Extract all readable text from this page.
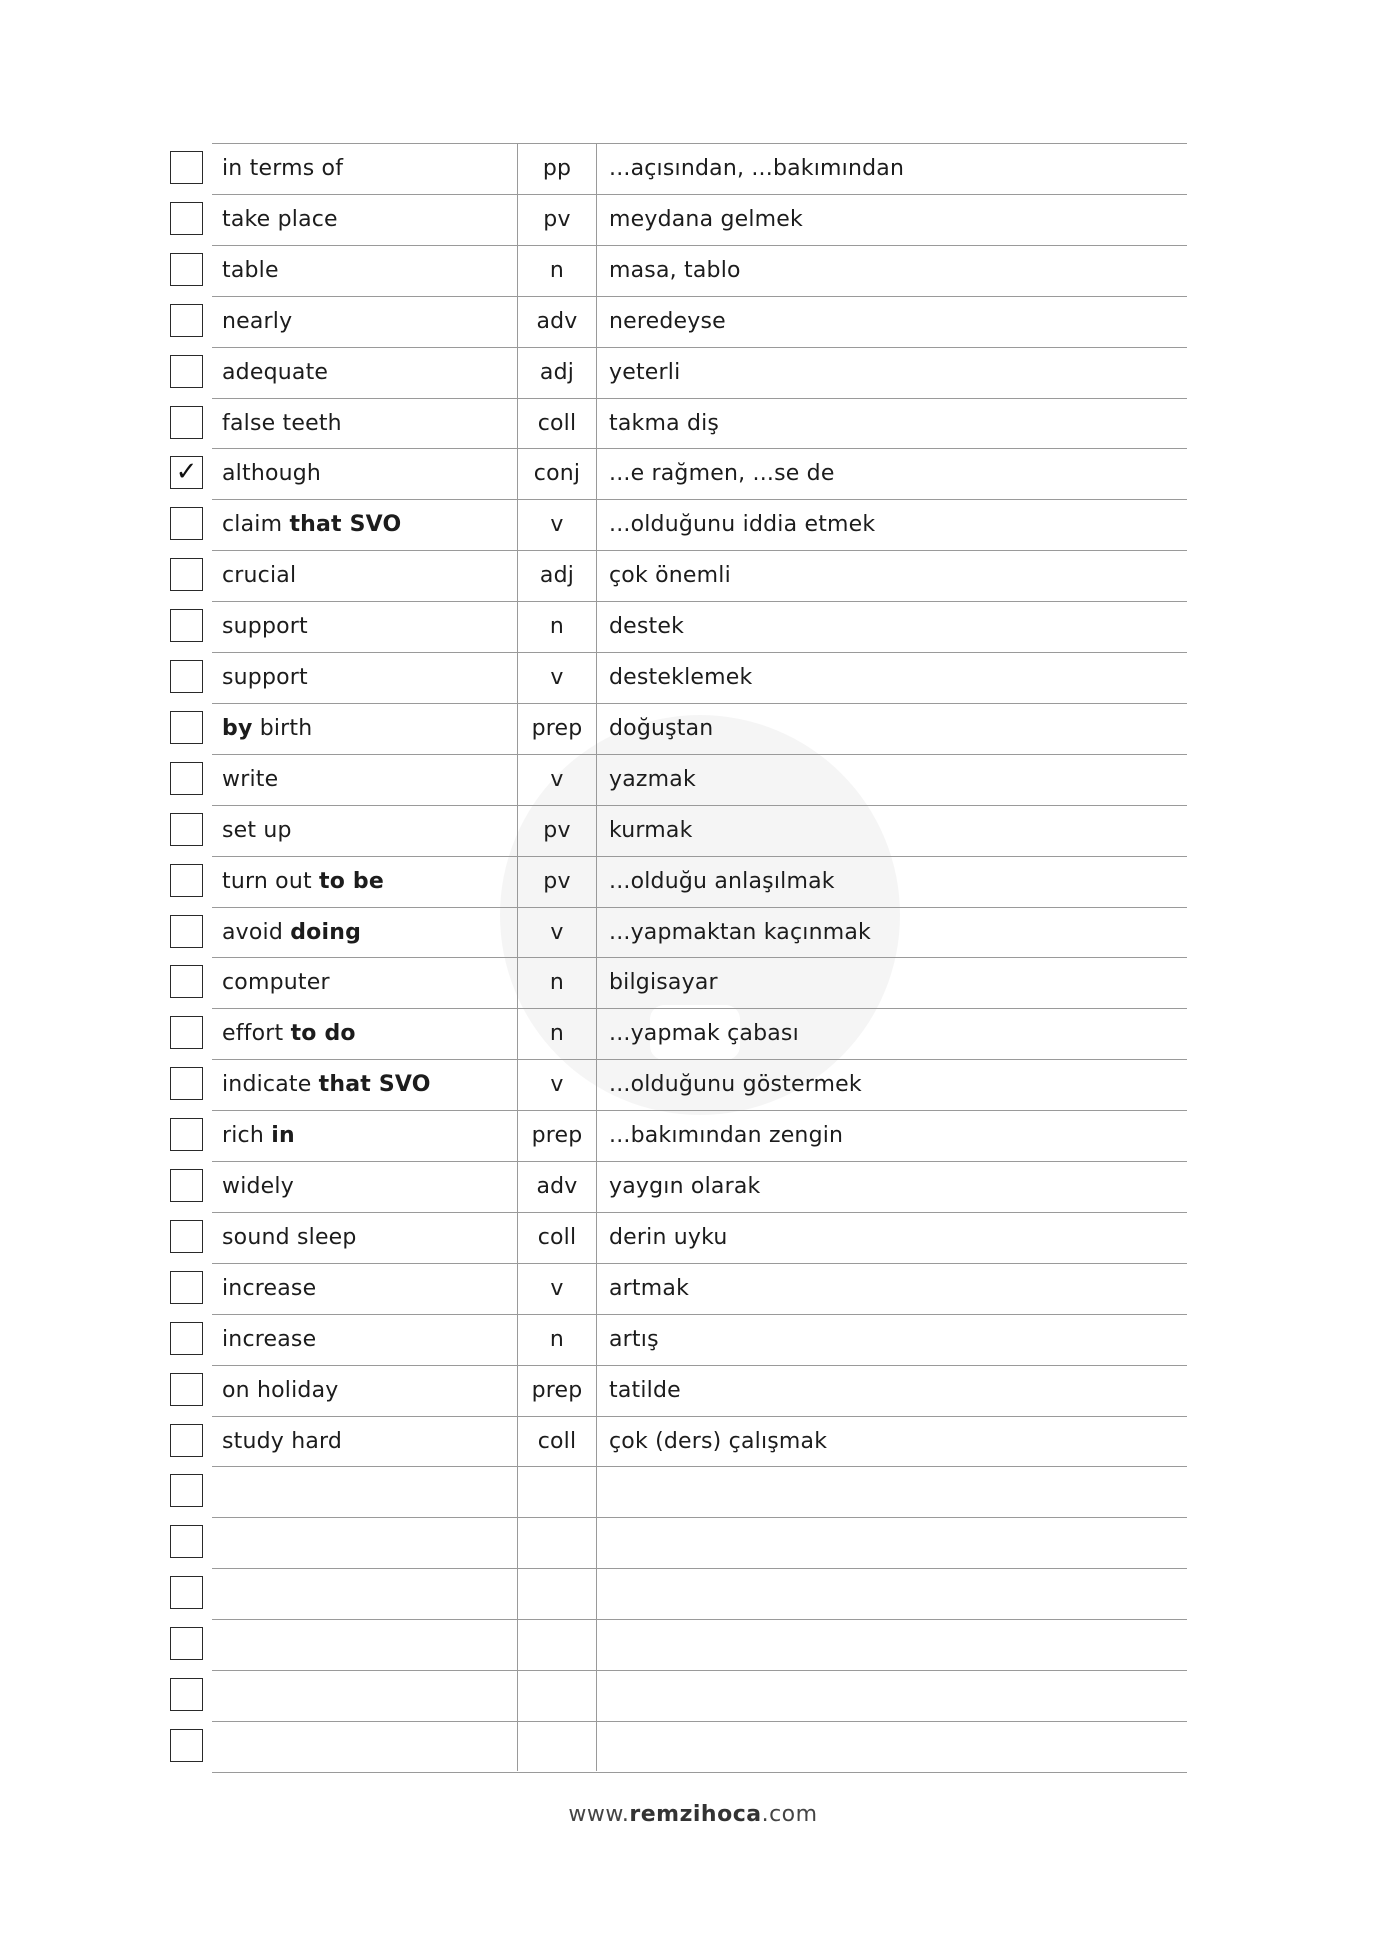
in terms of	pp	...açısından, ...bakımından
take place	pv	meydana gelmek
table	n	masa, tablo
nearly	adv	neredeyse
adequate	adj	yeterli
false teeth	coll	takma diş
✓ although	conj	...e rağmen, ...se de
claim that SVO	v	...olduğunu iddia etmek
crucial	adj	çok önemli
support	n	destek
support	v	desteklemek
by birth	prep	doğuştan
write	v	yazmak
set up	pv	kurmak
turn out to be	pv	...olduğu anlaşılmak
avoid doing	v	...yapmaktan kaçınmak
computer	n	bilgisayar
effort to do	n	...yapmak çabası
indicate that SVO	v	...olduğunu göstermek
rich in	prep	...bakımından zengin
widely	adv	yaygın olarak
sound sleep	coll	derin uyku
increase	v	artmak
increase	n	artış
on holiday	prep	tatilde
study hard	coll	çok (ders) çalışmak
www.remzihoca.com
